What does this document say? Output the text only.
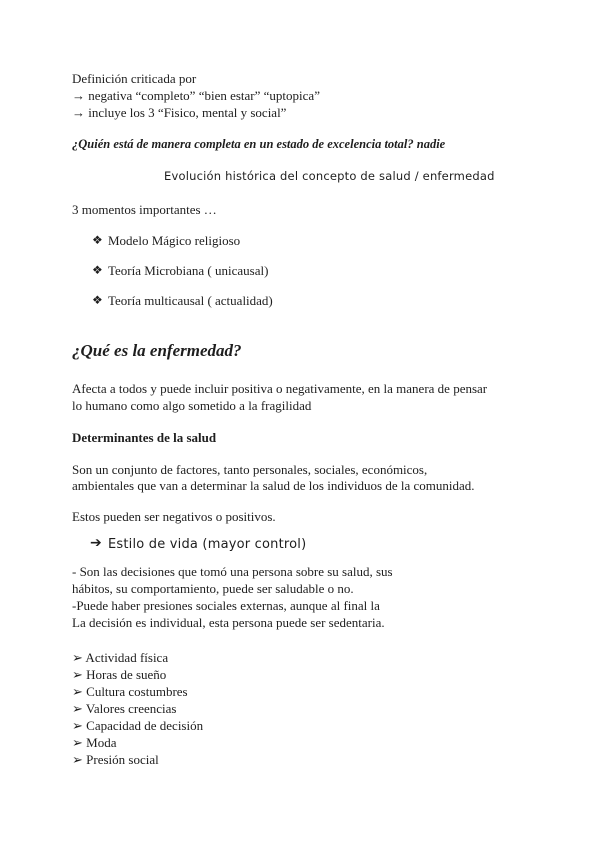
Definición criticada por
→ negativa “completo” “bien estar” “uptopica”
→ incluye los 3 “Fisico, mental y social”
¿Quién está de manera completa en un estado de excelencia total? nadie
Evolución histórica del concepto de salud / enfermedad
3 momentos importantes …
❖ Modelo Mágico religioso
❖ Teoría Microbiana ( unicausal)
❖ Teoría multicausal ( actualidad)
¿Qué es la enfermedad?
Afecta a todos y puede incluir positiva o negativamente, en la manera de pensar
lo humano como algo sometido a la fragilidad
Determinantes de la salud
Son un conjunto de factores, tanto personales, sociales, económicos,
ambientales que van a determinar la salud de los individuos de la comunidad.
Estos pueden ser negativos o positivos.
➔ Estilo de vida (mayor control)
- Son las decisiones que tomó una persona sobre su salud, sus
hábitos, su comportamiento, puede ser saludable o no.
-Puede haber presiones sociales externas, aunque al final la
La decisión es individual, esta persona puede ser sedentaria.
➢ Actividad física
➢ Horas de sueño
➢ Cultura costumbres
➢ Valores creencias
➢ Capacidad de decisión
➢ Moda
➢ Presión social
